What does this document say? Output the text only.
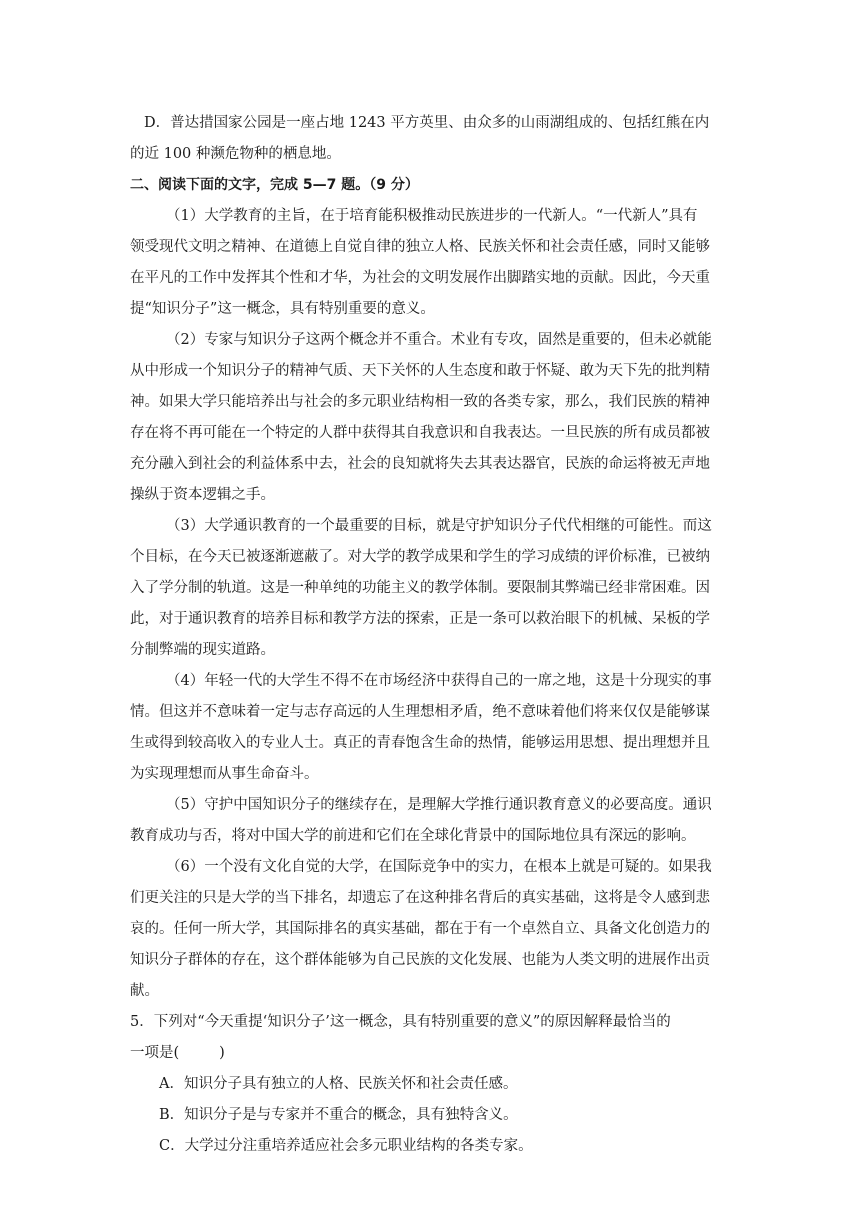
D．普达措国家公园是一座占地 1243 平方英里、由众多的山雨湖组成的、包括红熊在内
的近 100 种濒危物种的栖息地。
二、阅读下面的文字，完成 5—7 题。（9 分）
（1）大学教育的主旨，在于培育能积极推动民族进步的一代新人。“一代新人”具有
领受现代文明之精神、在道德上自觉自律的独立人格、民族关怀和社会责任感，同时又能够
在平凡的工作中发挥其个性和才华，为社会的文明发展作出脚踏实地的贡献。因此，今天重
提“知识分子”这一概念，具有特别重要的意义。
（2）专家与知识分子这两个概念并不重合。术业有专攻，固然是重要的，但未必就能
从中形成一个知识分子的精神气质、天下关怀的人生态度和敢于怀疑、敢为天下先的批判精
神。如果大学只能培养出与社会的多元职业结构相一致的各类专家，那么，我们民族的精神
存在将不再可能在一个特定的人群中获得其自我意识和自我表达。一旦民族的所有成员都被
充分融入到社会的利益体系中去，社会的良知就将失去其表达器官，民族的命运将被无声地
操纵于资本逻辑之手。
（3）大学通识教育的一个最重要的目标，就是守护知识分子代代相继的可能性。而这
个目标，在今天已被逐渐遮蔽了。对大学的教学成果和学生的学习成绩的评价标准，已被纳
入了学分制的轨道。这是一种单纯的功能主义的教学体制。要限制其弊端已经非常困难。因
此，对于通识教育的培养目标和教学方法的探索，正是一条可以救治眼下的机械、呆板的学
分制弊端的现实道路。
（4）年轻一代的大学生不得不在市场经济中获得自己的一席之地，这是十分现实的事
情。但这并不意味着一定与志存高远的人生理想相矛盾，绝不意味着他们将来仅仅是能够谋
生或得到较高收入的专业人士。真正的青春饱含生命的热情，能够运用思想、提出理想并且
为实现理想而从事生命奋斗。
（5）守护中国知识分子的继续存在，是理解大学推行通识教育意义的必要高度。通识
教育成功与否，将对中国大学的前进和它们在全球化背景中的国际地位具有深远的影响。
（6）一个没有文化自觉的大学，在国际竞争中的实力，在根本上就是可疑的。如果我
们更关注的只是大学的当下排名，却遗忘了在这种排名背后的真实基础，这将是令人感到悲
哀的。任何一所大学，其国际排名的真实基础，都在于有一个卓然自立、具备文化创造力的
知识分子群体的存在，这个群体能够为自己民族的文化发展、也能为人类文明的进展作出贡
献。
5．下列对“今天重提‘知识分子’这一概念，具有特别重要的意义”的原因解释最恰当的
一项是(	)
A．知识分子具有独立的人格、民族关怀和社会责任感。
B．知识分子是与专家并不重合的概念，具有独特含义。
C．大学过分注重培养适应社会多元职业结构的各类专家。
